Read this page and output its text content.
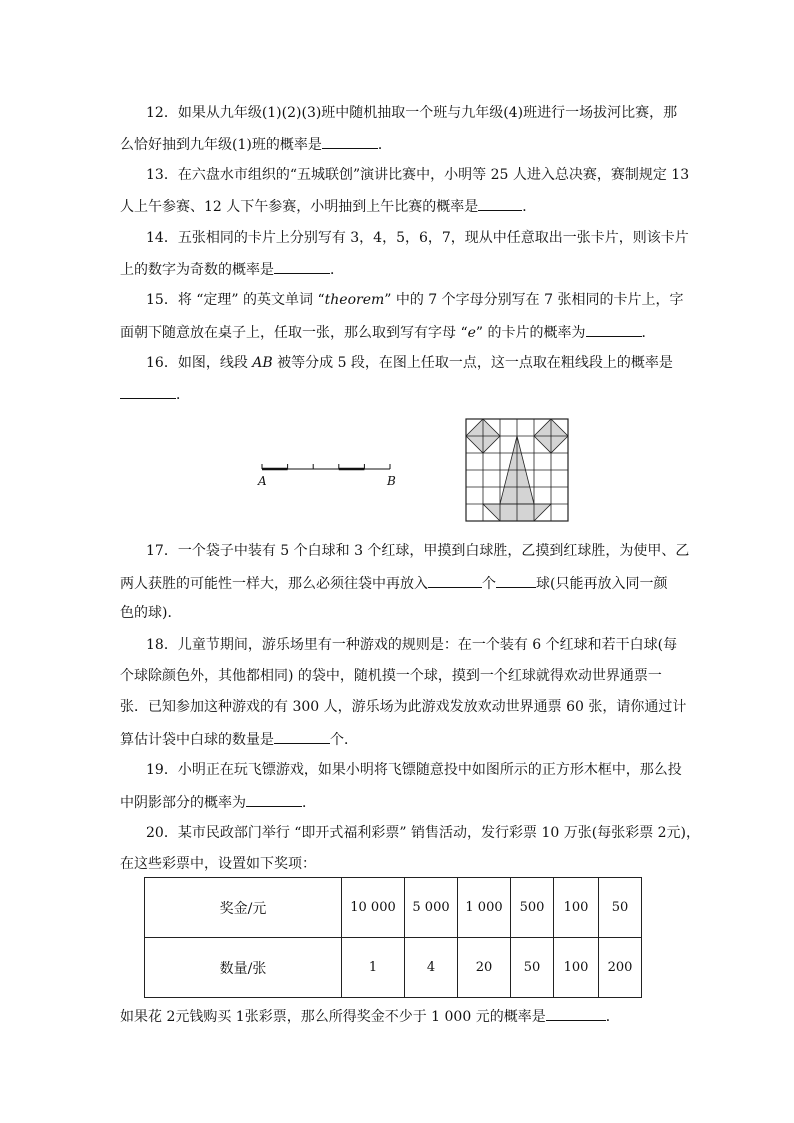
12．如果从九年级(1)(2)(3)班中随机抽取一个班与九年级(4)班进行一场拔河比赛，那
么恰好抽到九年级(1)班的概率是	．
13．在六盘水市组织的“五城联创”演讲比赛中，小明等 25 人进入总决赛，赛制规定 13
人上午参赛、12 人下午参赛，小明抽到上午比赛的概率是	．
14．五张相同的卡片上分别写有 3，4，5，6，7，现从中任意取出一张卡片，则该卡片
上的数字为奇数的概率是	．
15．将 “定理” 的英文单词 “theorem” 中的 7 个字母分别写在 7 张相同的卡片上，字
面朝下随意放在桌子上，任取一张，那么取到写有字母 “e” 的卡片的概率为	．
16．如图，线段 AB 被等分成 5 段，在图上任取一点，这一点取在粗线段上的概率是
．
A	B
17．一个袋子中装有 5 个白球和 3 个红球，甲摸到白球胜，乙摸到红球胜，为使甲、乙
两人获胜的可能性一样大，那么必须往袋中再放入	个	球(只能再放入同一颜
色的球)．
18．儿童节期间，游乐场里有一种游戏的规则是：在一个装有 6 个红球和若干白球(每
个球除颜色外，其他都相同) 的袋中，随机摸一个球，摸到一个红球就得欢动世界通票一
张．已知参加这种游戏的有 300 人，游乐场为此游戏发放欢动世界通票 60 张，请你通过计
算估计袋中白球的数量是	个．
19．小明正在玩飞镖游戏，如果小明将飞镖随意投中如图所示的正方形木框中，那么投
中阴影部分的概率为	．
20．某市民政部门举行 “即开式福利彩票” 销售活动，发行彩票 10 万张(每张彩票 2元)，
在这些彩票中，设置如下奖项：
奖金/元	10 000	5 000	1 000	500	100	50
数量/张	1	4	20	50	100	200
如果花 2元钱购买 1张彩票，那么所得奖金不少于 1 000 元的概率是	．
